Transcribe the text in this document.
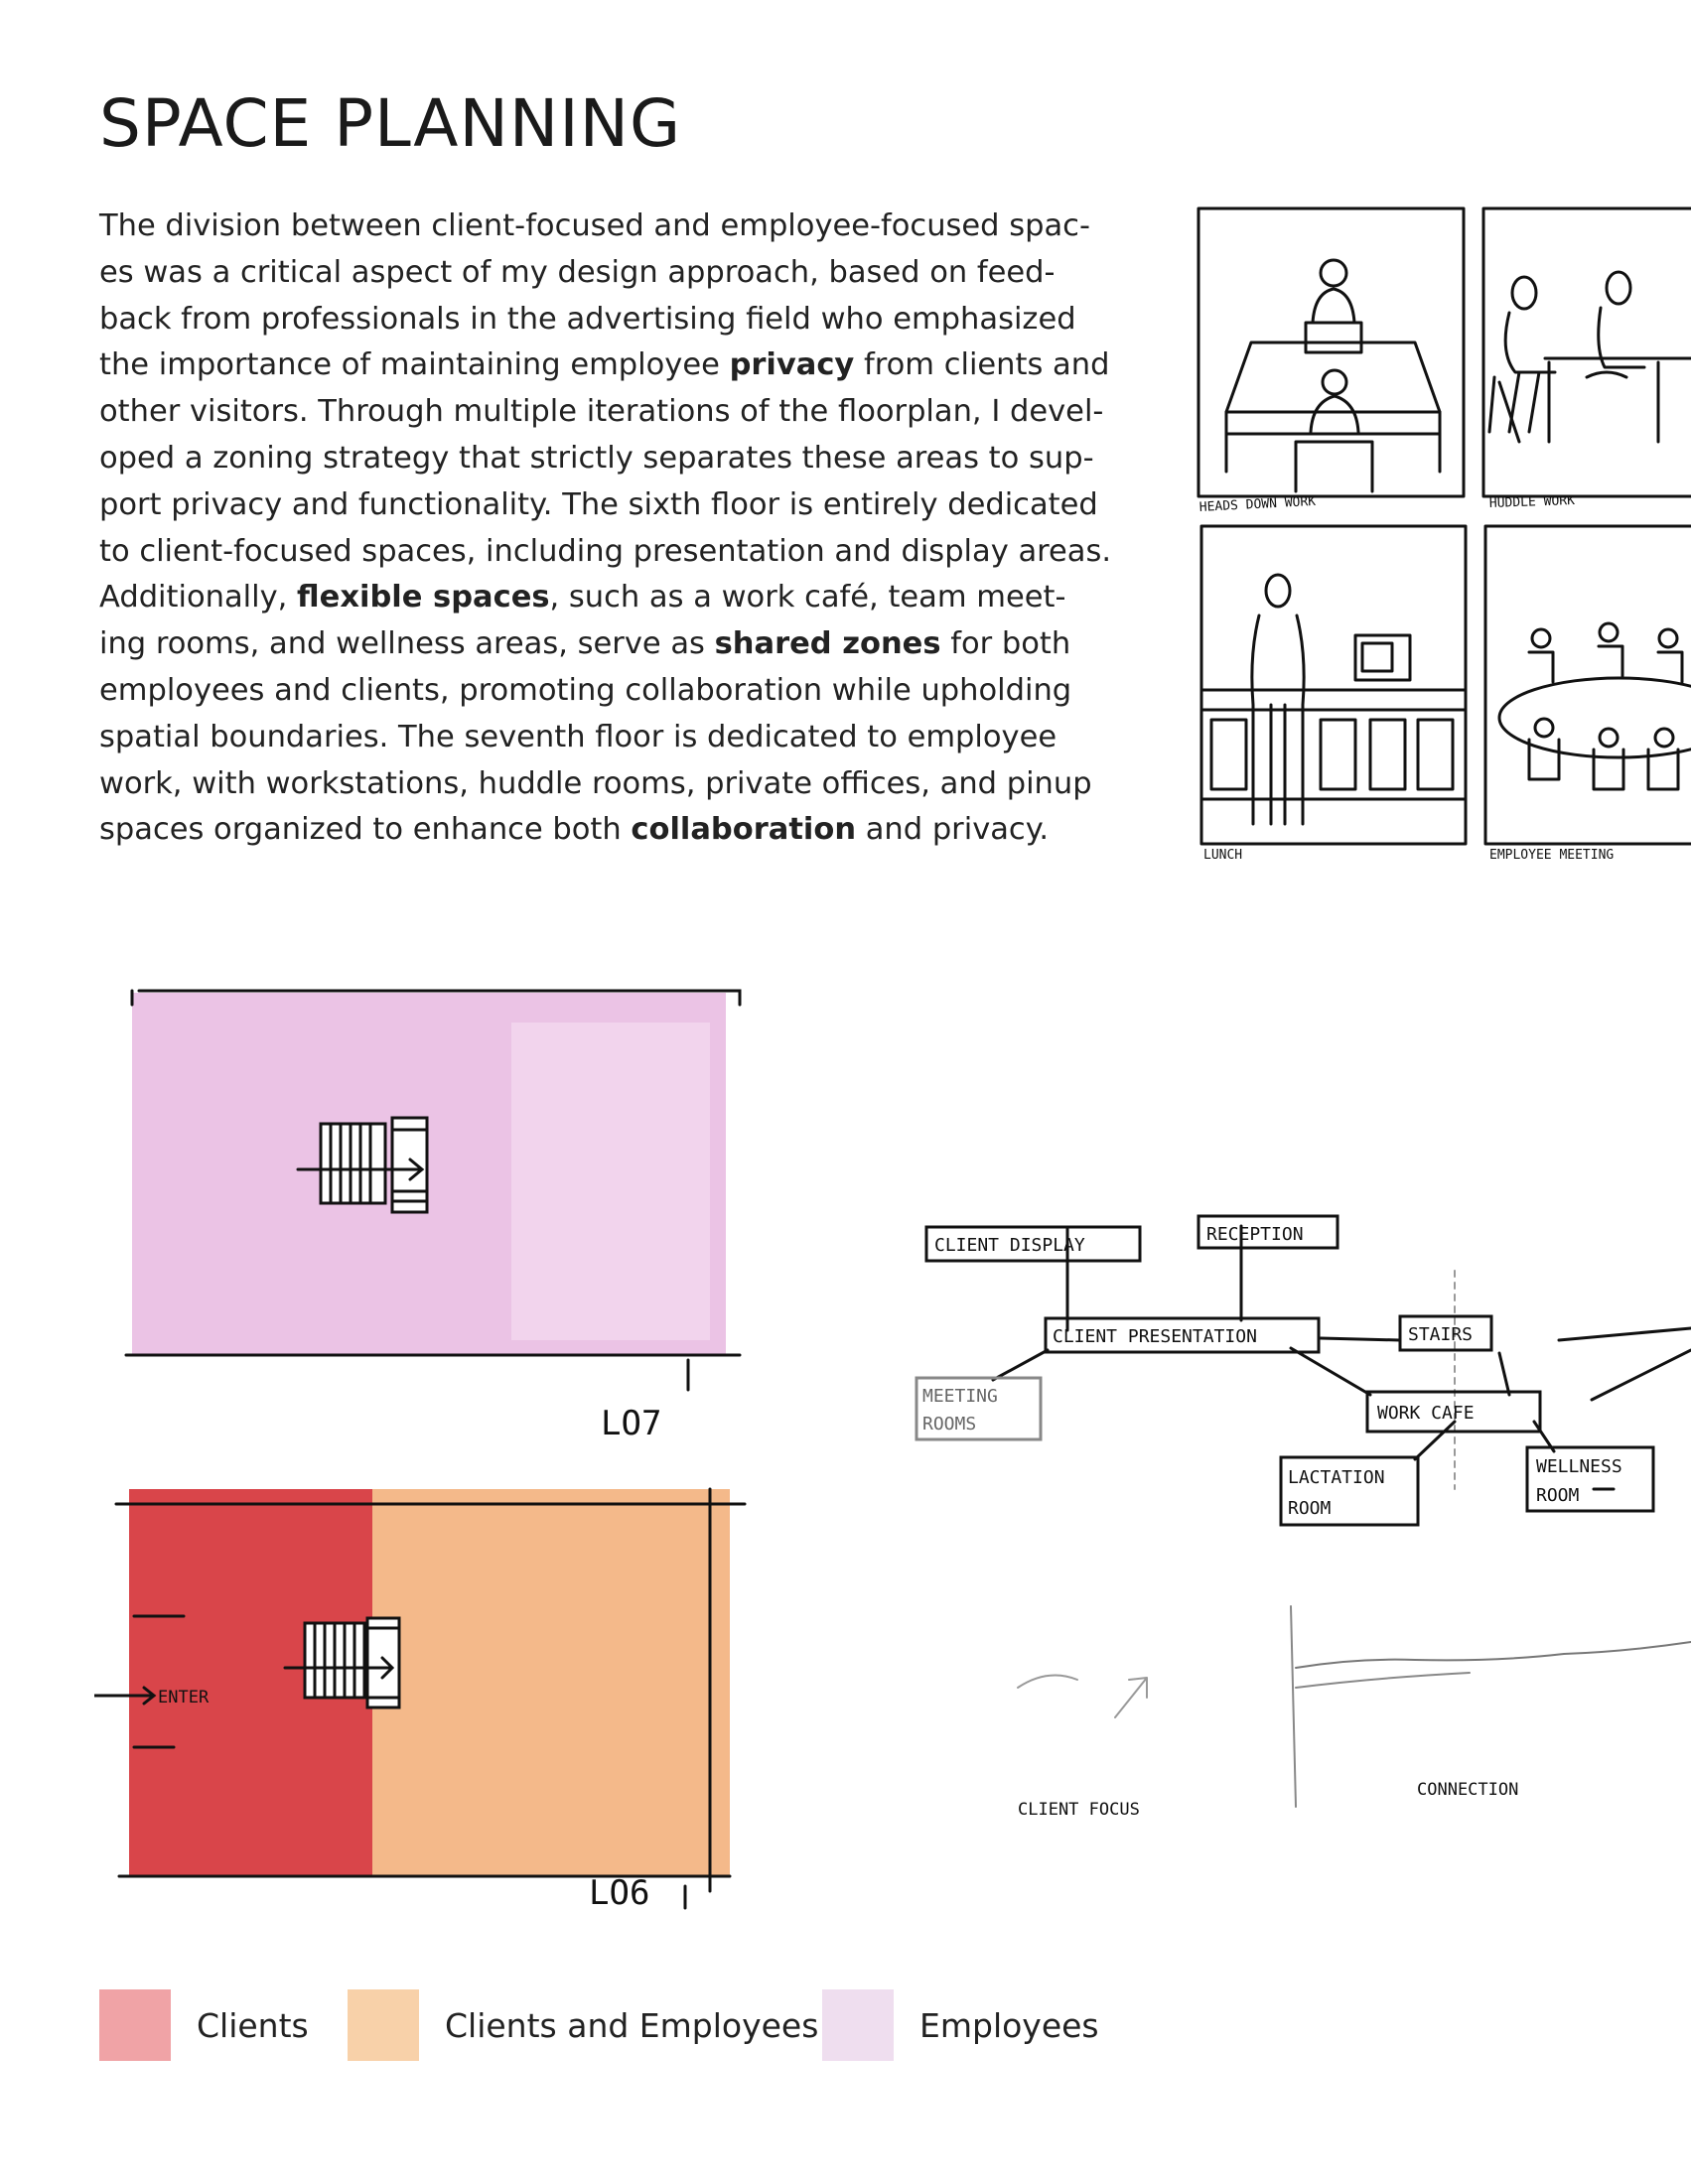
SPACE PLANNING

The division between client-focused and employee-focused spac-es was a critical aspect of my design approach, based on feed-back from professionals in the advertising field who emphasized the importance of maintaining employee privacy from clients and other visitors. Through multiple iterations of the floorplan, I devel-oped a zoning strategy that strictly separates these areas to sup-port privacy and functionality. The sixth floor is entirely dedicated to client-focused spaces, including presentation and display areas. Additionally, flexible spaces, such as a work café, team meet-ing rooms, and wellness areas, serve as shared zones for both employees and clients, promoting collaboration while upholding spatial boundaries. The seventh floor is dedicated to employee work, with workstations, huddle rooms, private offices, and pinup spaces organized to enhance both collaboration and privacy.

HEADS DOWN WORK	HUDDLE WORK
LUNCH	EMPLOYEE MEETING
LO7
ENTER
LO6
CLIENT DISPLAY
RECEPTION
CLIENT PRESENTATION	STAIRS
MEETING
ROOMS
WORK CAFE
LACTATION
ROOM
WELLNESS
ROOM
CLIENT FOCUS
CONNECTION
Clients	Clients and Employees	Employees
